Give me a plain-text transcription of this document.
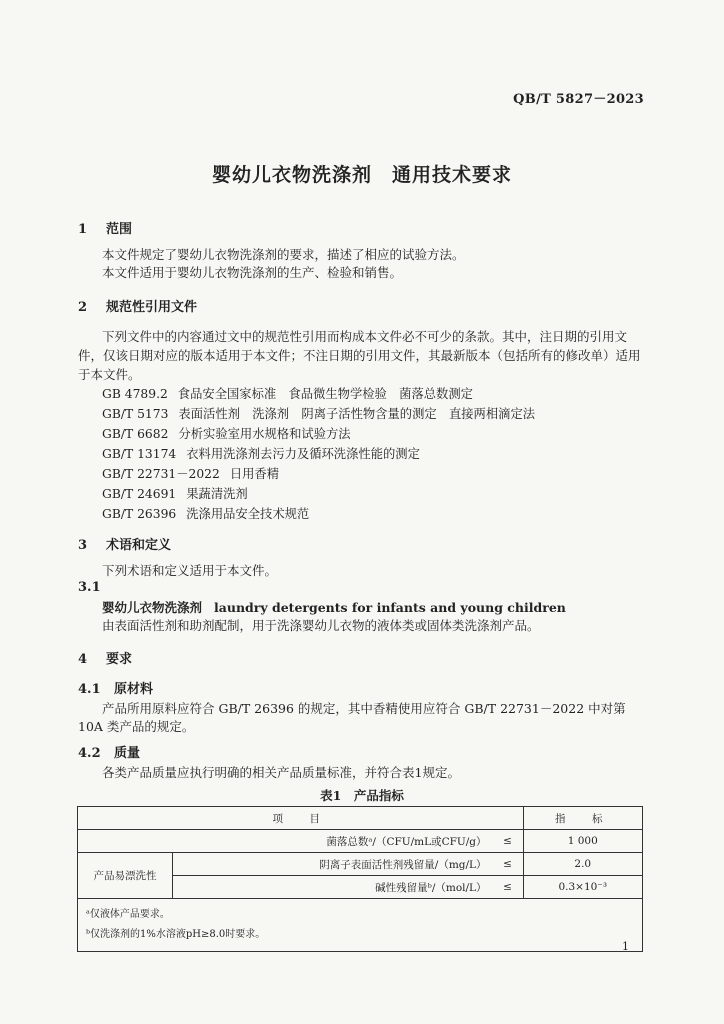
QB/T 5827－2023
婴幼儿衣物洗涤剂　通用技术要求
1 范围
本文件规定了婴幼儿衣物洗涤剂的要求，描述了相应的试验方法。
本文件适用于婴幼儿衣物洗涤剂的生产、检验和销售。
2 规范性引用文件
下列文件中的内容通过文中的规范性引用而构成本文件必不可少的条款。其中，注日期的引用文件，仅该日期对应的版本适用于本文件；不注日期的引用文件，其最新版本（包括所有的修改单）适用于本文件。
GB 4789.2 食品安全国家标准　食品微生物学检验　菌落总数测定
GB/T 5173 表面活性剂　洗涤剂　阴离子活性物含量的测定　直接两相滴定法
GB/T 6682 分析实验室用水规格和试验方法
GB/T 13174 衣料用洗涤剂去污力及循环洗涤性能的测定
GB/T 22731－2022 日用香精
GB/T 24691 果蔬清洗剂
GB/T 26396 洗涤用品安全技术规范
3 术语和定义
下列术语和定义适用于本文件。
3.1
婴幼儿衣物洗涤剂 laundry detergents for infants and young children
由表面活性剂和助剂配制，用于洗涤婴幼儿衣物的液体类或固体类洗涤剂产品。
4 要求
4.1 原材料
产品所用原料应符合 GB/T 26396 的规定，其中香精使用应符合 GB/T 22731－2022 中对第 10A 类产品的规定。
4.2 质量
各类产品质量应执行明确的相关产品质量标准，并符合表1规定。
表1　产品指标
项　目			指　标
菌落总数ᵃ/（CFU/mL或CFU/g）		≤	1 000
产品易漂洗性	阴离子表面活性剂残留量/（mg/L）	≤	2.0
	碱性残留量ᵇ/（mol/L）	≤	0.3×10⁻³

ᵃ仅液体产品要求。
ᵇ仅洗涤剂的1%水溶液pH≥8.0时要求。			
1
